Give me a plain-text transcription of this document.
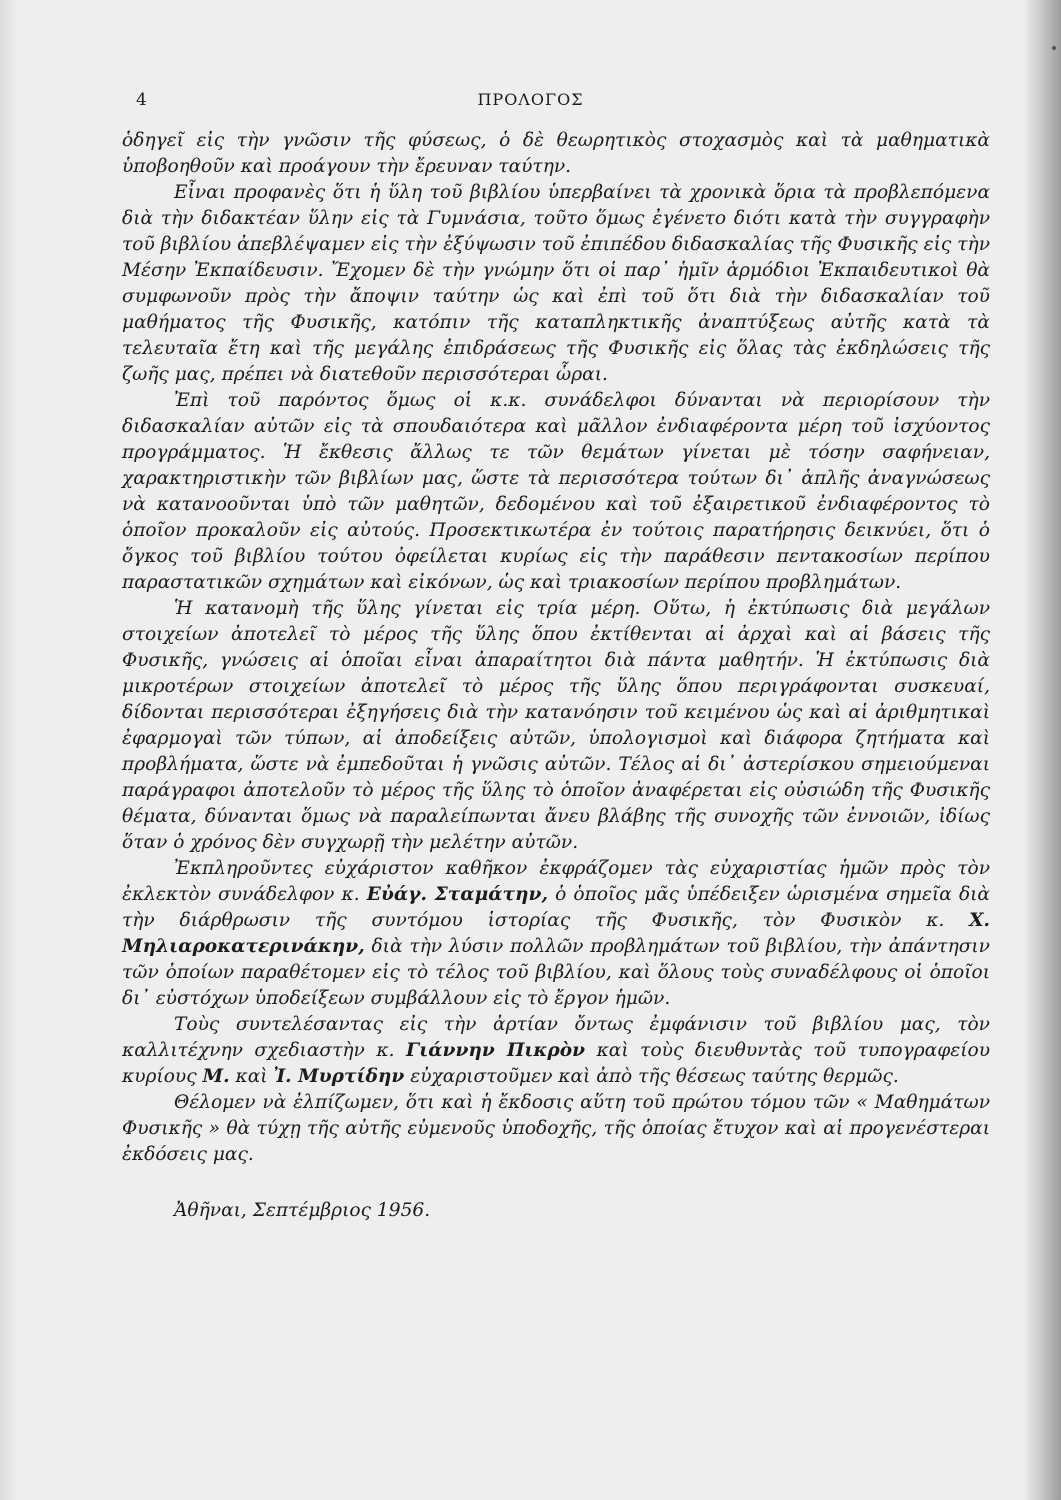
4	ΠΡΟΛΟΓΟΣ

ὁδηγεῖ εἰς τὴν γνῶσιν τῆς φύσεως, ὁ δὲ θεωρητικὸς στοχασμὸς καὶ τὰ μαθηματικὰ ὑποβοηθοῦν καὶ προάγουν τὴν ἔρευναν ταύτην.

Εἶναι προφανὲς ὅτι ἡ ὕλη τοῦ βιβλίου ὑπερβαίνει τὰ χρονικὰ ὅρια τὰ προβλεπόμενα διὰ τὴν διδακτέαν ὕλην εἰς τὰ Γυμνάσια, τοῦτο ὅμως ἐγένετο διότι κατὰ τὴν συγγραφὴν τοῦ βιβλίου ἀπεβλέψαμεν εἰς τὴν ἐξύψωσιν τοῦ ἐπιπέδου διδασκαλίας τῆς Φυσικῆς εἰς τὴν Μέσην Ἐκπαίδευσιν. Ἔχομεν δὲ τὴν γνώμην ὅτι οἱ παρ᾽ ἡμῖν ἁρμόδιοι Ἐκπαιδευτικοὶ θὰ συμφωνοῦν πρὸς τὴν ἄποψιν ταύτην ὡς καὶ ἐπὶ τοῦ ὅτι διὰ τὴν διδασκαλίαν τοῦ μαθήματος τῆς Φυσικῆς, κατόπιν τῆς καταπληκτικῆς ἀναπτύξεως αὐτῆς κατὰ τὰ τελευταῖα ἔτη καὶ τῆς μεγάλης ἐπιδράσεως τῆς Φυσικῆς εἰς ὅλας τὰς ἐκδηλώσεις τῆς ζωῆς μας, πρέπει νὰ διατεθοῦν περισσότεραι ὧραι.

Ἐπὶ τοῦ παρόντος ὅμως οἱ κ.κ. συνάδελφοι δύνανται νὰ περιορίσουν τὴν διδασκαλίαν αὐτῶν εἰς τὰ σπουδαιότερα καὶ μᾶλλον ἐνδιαφέροντα μέρη τοῦ ἰσχύοντος προγράμματος. Ἡ ἔκθεσις ἄλλως τε τῶν θεμάτων γίνεται μὲ τόσην σαφήνειαν, χαρακτηριστικὴν τῶν βιβλίων μας, ὥστε τὰ περισσότερα τούτων δι᾽ ἁπλῆς ἀναγνώσεως νὰ κατανοοῦνται ὑπὸ τῶν μαθητῶν, δεδομένου καὶ τοῦ ἐξαιρετικοῦ ἐνδιαφέροντος τὸ ὁποῖον προκαλοῦν εἰς αὐτούς. Προσεκτικωτέρα ἐν τούτοις παρατήρησις δεικνύει, ὅτι ὁ ὄγκος τοῦ βιβλίου τούτου ὀφείλεται κυρίως εἰς τὴν παράθεσιν πεντακοσίων περίπου παραστατικῶν σχημάτων καὶ εἰκόνων, ὡς καὶ τριακοσίων περίπου προβλημάτων.

Ἡ κατανομὴ τῆς ὕλης γίνεται εἰς τρία μέρη. Οὕτω, ἡ ἐκτύπωσις διὰ μεγάλων στοιχείων ἀποτελεῖ τὸ μέρος τῆς ὕλης ὅπου ἐκτίθενται αἱ ἀρχαὶ καὶ αἱ βάσεις τῆς Φυσικῆς, γνώσεις αἱ ὁποῖαι εἶναι ἀπαραίτητοι διὰ πάντα μαθητήν. Ἡ ἐκτύπωσις διὰ μικροτέρων στοιχείων ἀποτελεῖ τὸ μέρος τῆς ὕλης ὅπου περιγράφονται συσκευαί, δίδονται περισσότεραι ἐξηγήσεις διὰ τὴν κατανόησιν τοῦ κειμένου ὡς καὶ αἱ ἀριθμητικαὶ ἐφαρμογαὶ τῶν τύπων, αἱ ἀποδείξεις αὐτῶν, ὑπολογισμοὶ καὶ διάφορα ζητήματα καὶ προβλήματα, ὥστε νὰ ἐμπεδοῦται ἡ γνῶσις αὐτῶν. Τέλος αἱ δι᾽ ἀστερίσκου σημειούμεναι παράγραφοι ἀποτελοῦν τὸ μέρος τῆς ὕλης τὸ ὁποῖον ἀναφέρεται εἰς οὐσιώδη τῆς Φυσικῆς θέματα, δύνανται ὅμως νὰ παραλείπωνται ἄνευ βλάβης τῆς συνοχῆς τῶν ἐννοιῶν, ἰδίως ὅταν ὁ χρόνος δὲν συγχωρῇ τὴν μελέτην αὐτῶν.

Ἐκπληροῦντες εὐχάριστον καθῆκον ἐκφράζομεν τὰς εὐχαριστίας ἡμῶν πρὸς τὸν ἐκλεκτὸν συνάδελφον κ. Εὐάγ. Σταμάτην, ὁ ὁποῖος μᾶς ὑπέδειξεν ὡρισμένα σημεῖα διὰ τὴν διάρθρωσιν τῆς συντόμου ἱστορίας τῆς Φυσικῆς, τὸν Φυσικὸν κ. Χ. Μηλιαροκατερινάκην, διὰ τὴν λύσιν πολλῶν προβλημάτων τοῦ βιβλίου, τὴν ἀπάντησιν τῶν ὁποίων παραθέτομεν εἰς τὸ τέλος τοῦ βιβλίου, καὶ ὅλους τοὺς συναδέλφους οἱ ὁποῖοι δι᾽ εὐστόχων ὑποδείξεων συμβάλλουν εἰς τὸ ἔργον ἡμῶν.

Τοὺς συντελέσαντας εἰς τὴν ἀρτίαν ὄντως ἐμφάνισιν τοῦ βιβλίου μας, τὸν καλλιτέχνην σχεδιαστὴν κ. Γιάννην Πικρὸν καὶ τοὺς διευθυντὰς τοῦ τυπογραφείου κυρίους Μ. καὶ Ἰ. Μυρτίδην εὐχαριστοῦμεν καὶ ἀπὸ τῆς θέσεως ταύτης θερμῶς.

Θέλομεν νὰ ἐλπίζωμεν, ὅτι καὶ ἡ ἔκδοσις αὕτη τοῦ πρώτου τόμου τῶν « Μαθημάτων Φυσικῆς » θὰ τύχῃ τῆς αὐτῆς εὐμενοῦς ὑποδοχῆς, τῆς ὁποίας ἔτυχον καὶ αἱ προγενέστεραι ἐκδόσεις μας.

Ἀθῆναι, Σεπτέμβριος 1956.
